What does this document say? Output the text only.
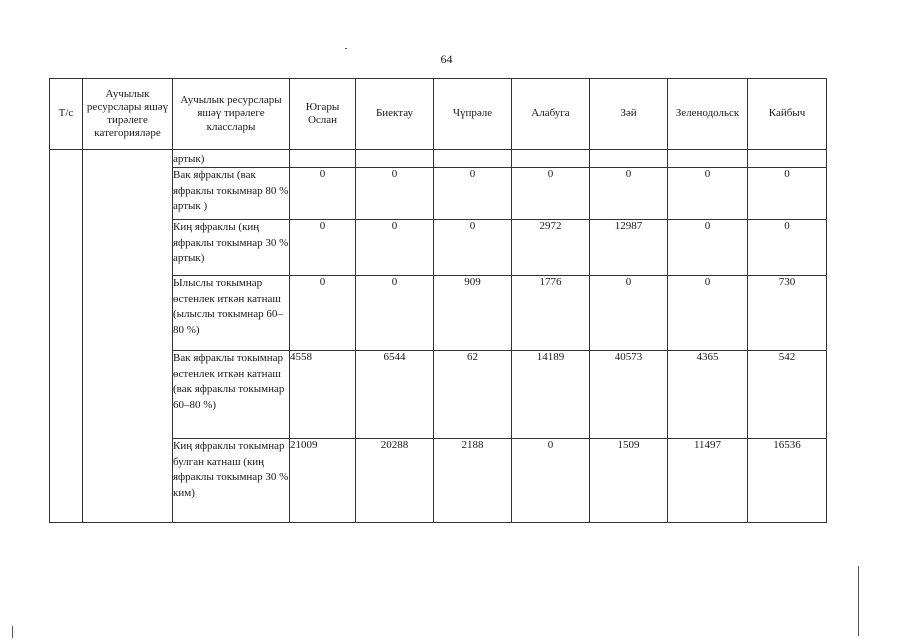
64
Т/с	Аучылык ресурслары яшәү тирәлеге категорияләре	Аучылык ресурслары яшәү тирәлеге класслары	Югары Ослан	Биектау	Чүпрәле	Алабуга	Зәй	Зеленодольск	Кайбыч
		артык)							
		Вак яфраклы (вак яфраклы токымнар 80 % артык )	0	0	0	0	0	0	0
		Киң яфраклы (киң яфраклы токымнар 30 % артык)	0	0	0	2972	12987	0	0
		Ылыслы токымнар өстенлек иткән катнаш (ылыслы токымнар 60–80 %)	0	0	909	1776	0	0	730
		Вак яфраклы токымнар өстенлек иткән катнаш (вак яфраклы токымнар 60–80 %)	4558	6544	62	14189	40573	4365	542
		Киң яфраклы токымнар булган катнаш (киң яфраклы токымнар 30 % ким)	21009	20288	2188	0	1509	11497	16536
